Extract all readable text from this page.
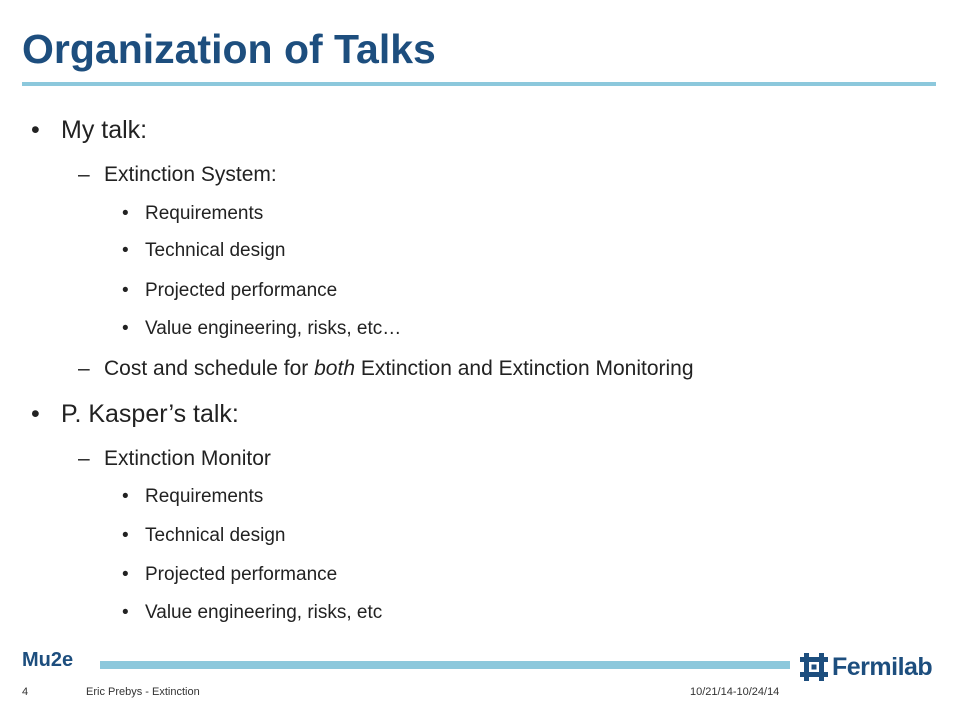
Organization of Talks
• My talk:
– Extinction System:
• Requirements
• Technical design
• Projected performance
• Value engineering, risks, etc…
– Cost and schedule for both Extinction and Extinction Monitoring
• P. Kasper’s talk:
– Extinction Monitor
• Requirements
• Technical design
• Projected performance
• Value engineering, risks, etc
Mu2e	Fermilab
4	Eric Prebys - Extinction	10/21/14-10/24/14
